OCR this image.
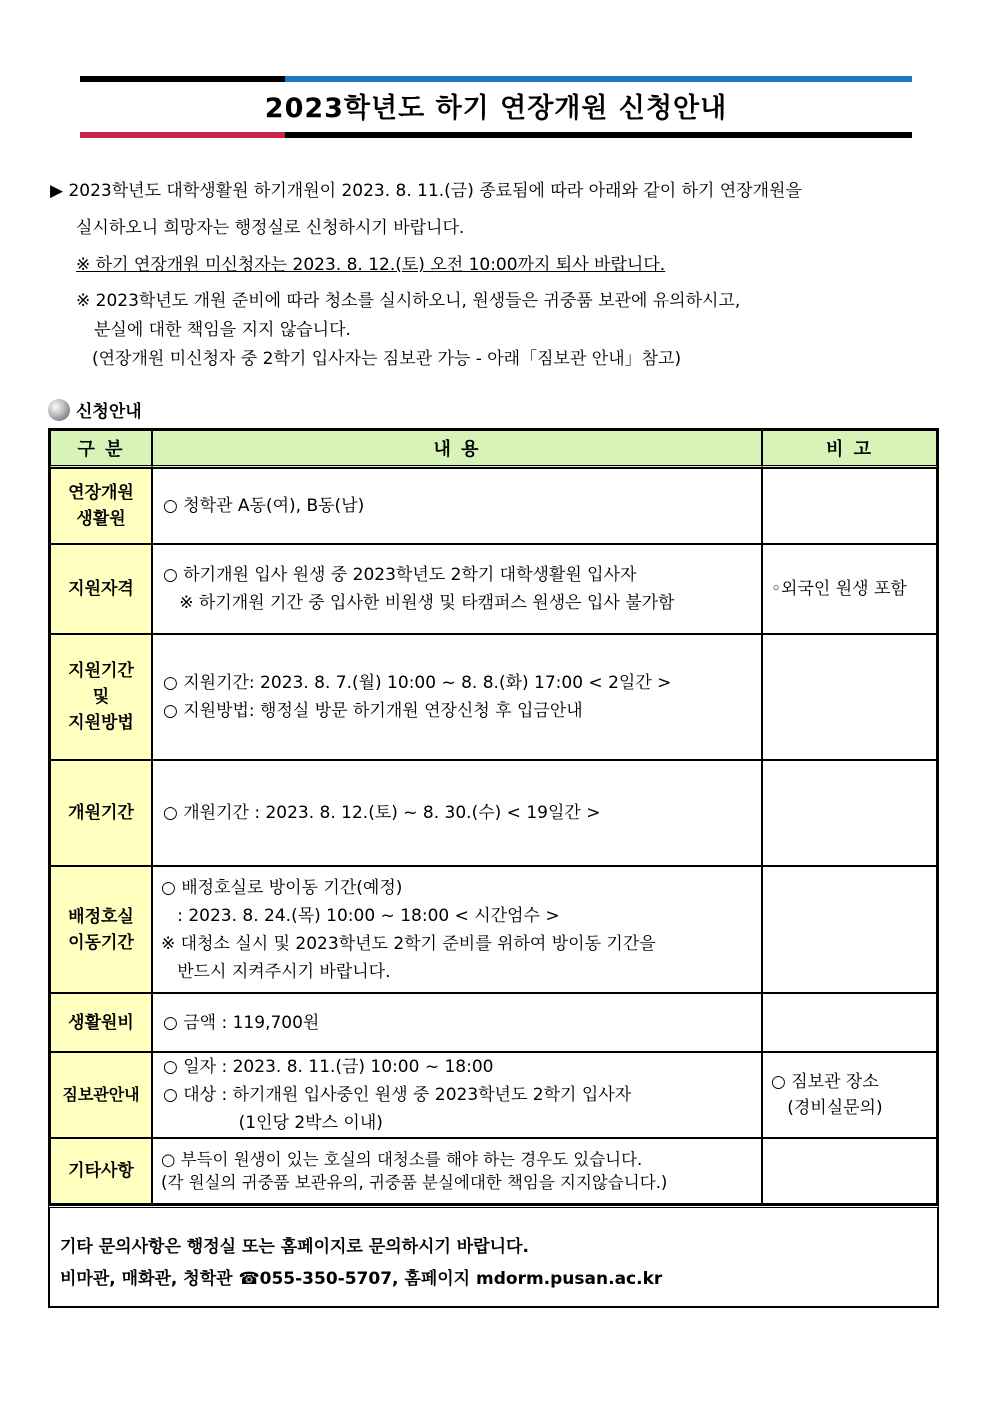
2023학년도 하기 연장개원 신청안내
▶ 2023학년도 대학생활원 하기개원이 2023. 8. 11.(금) 종료됨에 따라 아래와 같이 하기 연장개원을
실시하오니 희망자는 행정실로 신청하시기 바랍니다.
※ 하기 연장개원 미신청자는 2023. 8. 12.(토) 오전 10:00까지 퇴사 바랍니다.
※ 2023학년도 개원 준비에 따라 청소를 실시하오니, 원생들은 귀중품 보관에 유의하시고,
분실에 대한 책임을 지지 않습니다.
(연장개원 미신청자 중 2학기 입사자는 짐보관 가능 - 아래「짐보관 안내」참고)
신청안내
구 분	내 용	비 고

연장개원
생활원	○ 청학관 A동(여), B동(남)	

지원자격	○ 하기개원 입사 원생 중 2023학년도 2학기 대학생활원 입사자
※ 하기개원 기간 중 입사한 비원생 및 타캠퍼스 원생은 입사 불가함	◦외국인 원생 포함

지원기간
및
지원방법	○ 지원기간: 2023. 8. 7.(월) 10:00 ~ 8. 8.(화) 17:00 < 2일간 >
○ 지원방법: 행정실 방문 하기개원 연장신청 후 입금안내	

개원기간	○ 개원기간 : 2023. 8. 12.(토) ~ 8. 30.(수) < 19일간 >	

배정호실
이동기간	○ 배정호실로 방이동 기간(예정)
: 2023. 8. 24.(목) 10:00 ~ 18:00 < 시간엄수 >
※ 대청소 실시 및 2023학년도 2학기 준비를 위하여 방이동 기간을
반드시 지켜주시기 바랍니다.	

생활원비	○ 금액 : 119,700원	

짐보관안내	○ 일자 : 2023. 8. 11.(금) 10:00 ~ 18:00
○ 대상 : 하기개원 입사중인 원생 중 2023학년도 2학기 입사자
(1인당 2박스 이내)	○ 짐보관 장소
(경비실문의)

기타사항	○ 부득이 원생이 있는 호실의 대청소를 해야 하는 경우도 있습니다.
(각 원실의 귀중품 보관유의, 귀중품 분실에대한 책임을 지지않습니다.)	

기타 문의사항은 행정실 또는 홈페이지로 문의하시기 바랍니다.
비마관, 매화관, 청학관 ☎055-350-5707, 홈페이지 mdorm.pusan.ac.kr
